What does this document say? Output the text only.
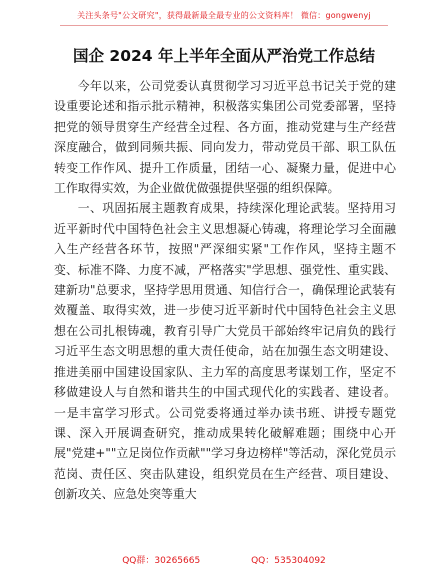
关注头条号"公文研究"，获得最新最全最专业的公文资料库！ 微信：gongwenyj
国企 2024 年上半年全面从严治党工作总结

今年以来，公司党委认真贯彻学习习近平总书记关于党的建设重要论述和指示批示精神，积极落实集团公司党委部署，坚持把党的领导贯穿生产经营全过程、各方面，推动党建与生产经营深度融合，做到同频共振、同向发力，带动党员干部、职工队伍转变工作作风、提升工作质量，团结一心、凝聚力量，促进中心工作取得实效，为企业做优做强提供坚强的组织保障。

一、巩固拓展主题教育成果，持续深化理论武装。坚持用习近平新时代中国特色社会主义思想凝心铸魂，将理论学习全面融入生产经营各环节，按照"严深细实紧"工作作风，坚持主题不变、标准不降、力度不减，严格落实"学思想、强党性、重实践、建新功"总要求，坚持学思用贯通、知信行合一，确保理论武装有效覆盖、取得实效，进一步使习近平新时代中国特色社会主义思想在公司扎根铸魂，教育引导广大党员干部始终牢记肩负的践行习近平生态文明思想的重大责任使命，站在加强生态文明建设、推进美丽中国建设国家队、主力军的高度思考谋划工作，坚定不移做建设人与自然和谐共生的中国式现代化的实践者、建设者。一是丰富学习形式。公司党委将通过举办读书班、讲授专题党课、深入开展调查研究，推动成果转化破解难题；围绕中心开展"党建+""立足岗位作贡献""学习身边榜样"等活动，深化党员示范岗、责任区、突击队建设，组织党员在生产经营、项目建设、创新攻关、应急处突等重大

QQ群：30265665	QQ：535304092
